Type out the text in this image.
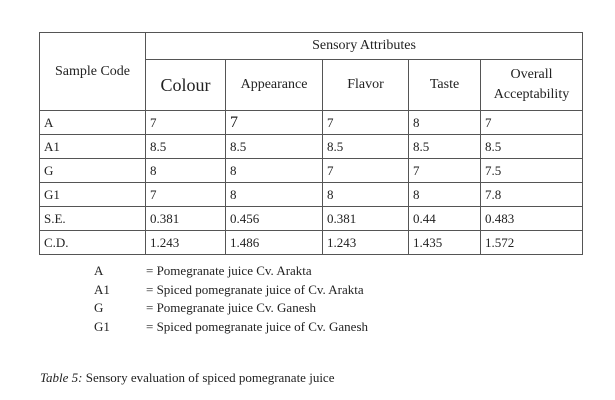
Sample Code	Sensory Attributes				
	Colour	Appearance	Flavor	Taste	Overall Acceptability
A	7	7	7	8	7
A1	8.5	8.5	8.5	8.5	8.5
G	8	8	7	7	7.5
G1	7	8	8	8	7.8
S.E.	0.381	0.456	0.381	0.44	0.483
C.D.	1.243	1.486	1.243	1.435	1.572
A	= Pomegranate juice Cv. Arakta
A1	= Spiced pomegranate juice of Cv. Arakta
G	= Pomegranate juice Cv. Ganesh
G1	= Spiced pomegranate juice of Cv. Ganesh
Table 5: Sensory evaluation of spiced pomegranate juice
